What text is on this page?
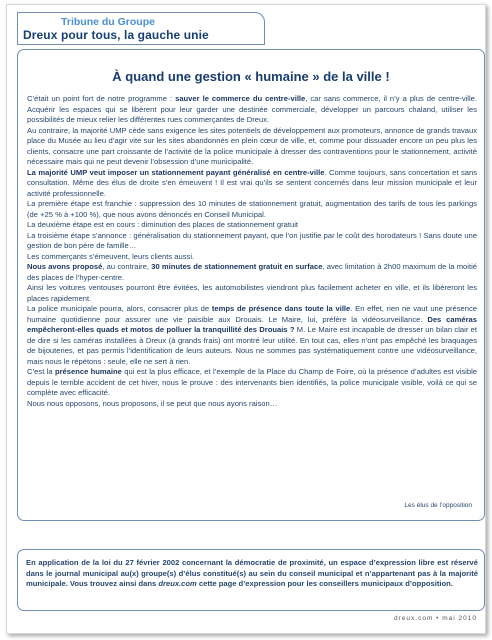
Tribune du Groupe
Dreux pour tous, la gauche unie
À quand une gestion « humaine » de la ville !

C’était un point fort de notre programme : sauver le commerce du centre-ville, car sans commerce, il n’y a plus de centre-ville. Acquérir les espaces qui se libèrent pour leur garder une destinée commerciale, développer un parcours chaland, utiliser les possibilités de mieux relier les différentes rues commerçantes de Dreux.

Au contraire, la majorité UMP cède sans exigence les sites potentiels de développement aux promoteurs, annonce de grands travaux place du Musée au lieu d’agir vite sur les sites abandonnés en plein cœur de ville, et, comme pour dissuader encore un peu plus les clients, consacre une part croissante de l’activité de la police municipale à dresser des contraventions pour le stationnement, activité nécessaire mais qui ne peut devenir l’obsession d’une municipalité.

La majorité UMP veut imposer un stationnement payant généralisé en centre-ville. Comme toujours, sans concertation et sans consultation. Même des élus de droite s’en émeuvent ! Il est vrai qu’ils se sentent concernés dans leur mission municipale et leur activité professionnelle.

La première étape est franchie : suppression des 10 minutes de stationnement gratuit, augmentation des tarifs de tous les parkings (de +25 % à +100 %), que nous avons dénoncés en Conseil Municipal.

La deuxième étape est en cours : diminution des places de stationnement gratuit

La troisième étape s’annonce : généralisation du stationnement payant, que l’on justifie par le coût des horodateurs ! Sans doute une gestion de bon père de famille…

Les commerçants s’émeuvent, leurs clients aussi.

Nous avons proposé, au contraire, 30 minutes de stationnement gratuit en surface, avec limitation à 2h00 maximum de la moitié des places de l’hyper-centre.

Ainsi les voitures ventouses pourront être évitées, les automobilistes viendront plus facilement acheter en ville, et ils libèreront les places rapidement.

La police municipale pourra, alors, consacrer plus de temps de présence dans toute la ville. En effet, rien ne vaut une présence humaine quotidienne pour assurer une vie paisible aux Drouais. Le Maire, lui, préfère la vidéosurveillance. Des caméras empêcheront-elles quads et motos de polluer la tranquillité des Drouais ? M. Le Maire est incapable de dresser un bilan clair et de dire si les caméras installées à Dreux (à grands frais) ont montré leur utilité. En tout cas, elles n’ont pas empêché les braquages de bijouteries, et pas permis l’identification de leurs auteurs. Nous ne sommes pas systématiquement contre une vidéosurveillance, mais nous le répétons : seule, elle ne sert à rien.

C’est la présence humaine qui est la plus efficace, et l’exemple de la Place du Champ de Foire, où la présence d’adultes est visible depuis le terrible accident de cet hiver, nous le prouve : des intervenants bien identifiés, la police municipale visible, voilà ce qui se complète avec efficacité.

Nous nous opposons, nous proposons, il se peut que nous ayons raison…

Les élus de l’opposition
En application de la loi du 27 février 2002 concernant la démocratie de proximité, un espace d’expression libre est réservé dans le journal municipal au(x) groupe(s) d’élus constitué(s) au sein du conseil municipal et n’appartenant pas à la majorité municipale. Vous trouvez ainsi dans dreux.com cette page d’expression pour les conseillers municipaux d’opposition.
dreux.com • mai 2010
